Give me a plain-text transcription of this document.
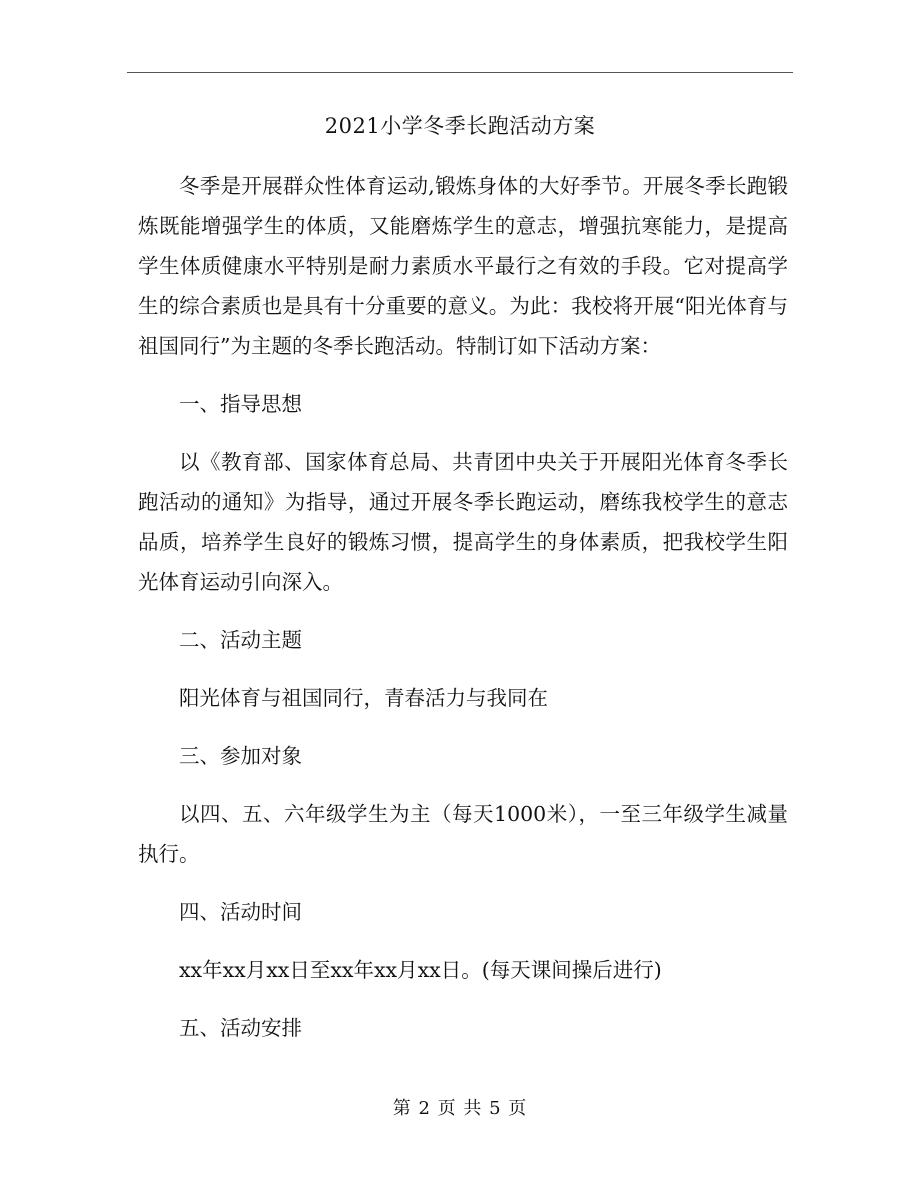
2021小学冬季长跑活动方案

冬季是开展群众性体育运动,锻炼身体的大好季节。开展冬季长跑锻炼既能增强学生的体质，又能磨炼学生的意志，增强抗寒能力，是提高学生体质健康水平特别是耐力素质水平最行之有效的手段。它对提高学生的综合素质也是具有十分重要的意义。为此：我校将开展“阳光体育与祖国同行”为主题的冬季长跑活动。特制订如下活动方案：

一、指导思想

以《教育部、国家体育总局、共青团中央关于开展阳光体育冬季长跑活动的通知》为指导，通过开展冬季长跑运动，磨练我校学生的意志品质，培养学生良好的锻炼习惯，提高学生的身体素质，把我校学生阳光体育运动引向深入。

二、活动主题

阳光体育与祖国同行，青春活力与我同在

三、参加对象

以四、五、六年级学生为主（每天1000米），一至三年级学生减量执行。

四、活动时间

xx年xx月xx日至xx年xx月xx日。(每天课间操后进行)

五、活动安排

第 2 页 共 5 页
